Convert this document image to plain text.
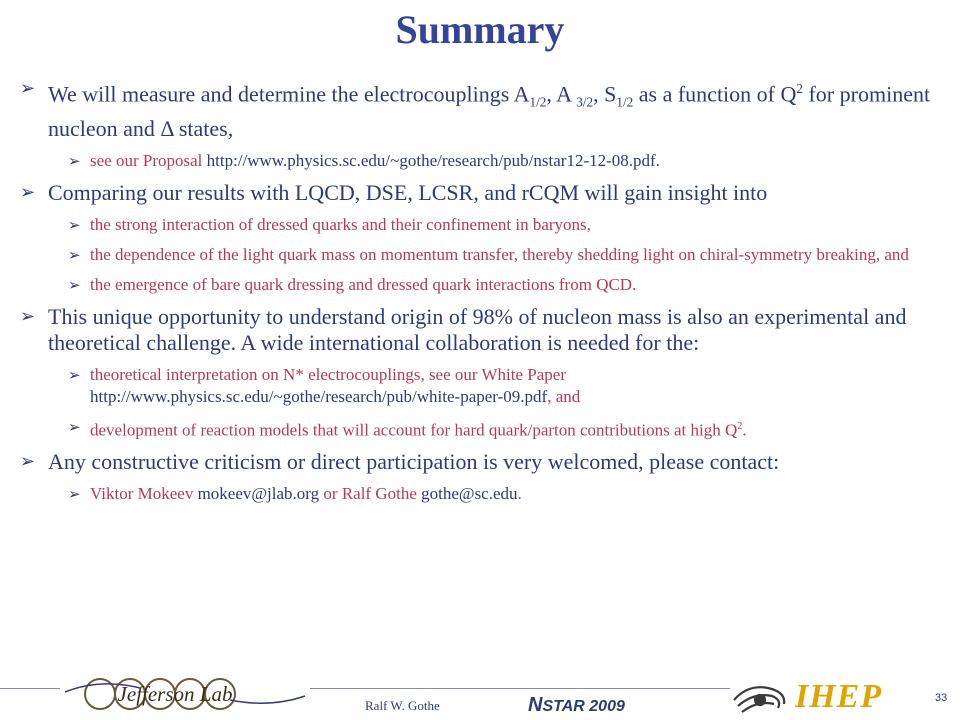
Summary
➢ We will measure and determine the electrocouplings $A_{1/2}$, A $_{3/2}$, $S_{1/2}$ as a function of $Q^2$ for prominent nucleon and Δ states,
➢ see our Proposal http://www.physics.sc.edu/~gothe/research/pub/nstar12-12-08.pdf.
➢ Comparing our results with LQCD, DSE, LCSR, and rCQM will gain insight into
➢ the strong interaction of dressed quarks and their confinement in baryons,
➢ the dependence of the light quark mass on momentum transfer, thereby shedding light on chiral-symmetry breaking, and
➢ the emergence of bare quark dressing and dressed quark interactions from QCD.
➢ This unique opportunity to understand origin of 98% of nucleon mass is also an experimental and theoretical challenge. A wide international collaboration is needed for the:
➢ theoretical interpretation on N* electrocouplings, see our White Paper http://www.physics.sc.edu/~gothe/research/pub/white-paper-09.pdf, and
➢ development of reaction models that will account for hard quark/parton contributions at high $Q^2$.
➢ Any constructive criticism or direct participation is very welcomed, please contact:
➢ Viktor Mokeev mokeev@jlab.org or Ralf Gothe gothe@sc.edu.
Jefferson Lab	Ralf W. Gothe	NSTAR 2009	IHEP	33
